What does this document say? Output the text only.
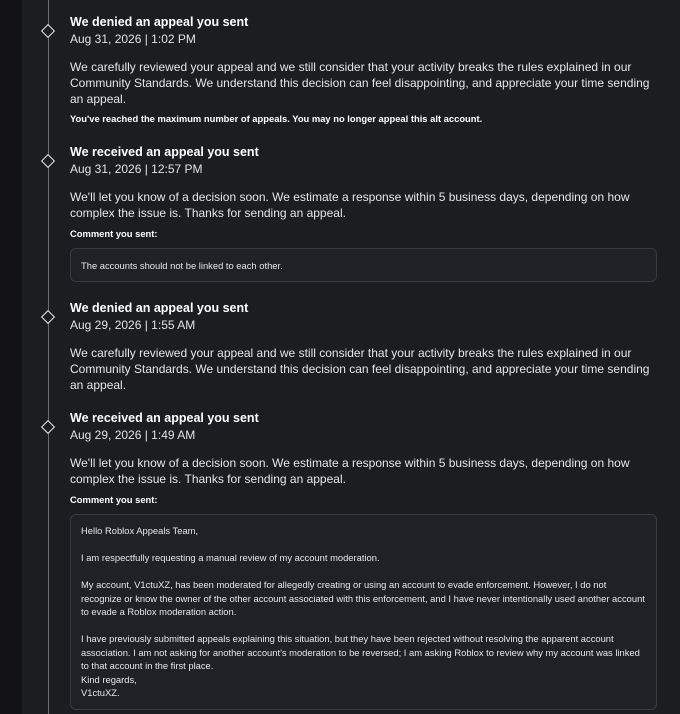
We denied an appeal you sent
Aug 31, 2026 | 1:02 PM
We carefully reviewed your appeal and we still consider that your activity breaks the rules explained in our Community Standards. We understand this decision can feel disappointing, and appreciate your time sending an appeal.
You've reached the maximum number of appeals. You may no longer appeal this alt account.
We received an appeal you sent
Aug 31, 2026 | 12:57 PM
We'll let you know of a decision soon. We estimate a response within 5 business days, depending on how complex the issue is. Thanks for sending an appeal.
Comment you sent:
The accounts should not be linked to each other.
We denied an appeal you sent
Aug 29, 2026 | 1:55 AM
We carefully reviewed your appeal and we still consider that your activity breaks the rules explained in our Community Standards. We understand this decision can feel disappointing, and appreciate your time sending an appeal.
We received an appeal you sent
Aug 29, 2026 | 1:49 AM
We'll let you know of a decision soon. We estimate a response within 5 business days, depending on how complex the issue is. Thanks for sending an appeal.
Comment you sent:

Hello Roblox Appeals Team,

I am respectfully requesting a manual review of my account moderation.

My account, V1ctuXZ, has been moderated for allegedly creating or using an account to evade enforcement. However, I do not recognize or know the owner of the other account associated with this enforcement, and I have never intentionally used another account to evade a Roblox moderation action.

I have previously submitted appeals explaining this situation, but they have been rejected without resolving the apparent account association. I am not asking for another account's moderation to be reversed; I am asking Roblox to review why my account was linked to that account in the first place.

Kind regards,

V1ctuXZ.
